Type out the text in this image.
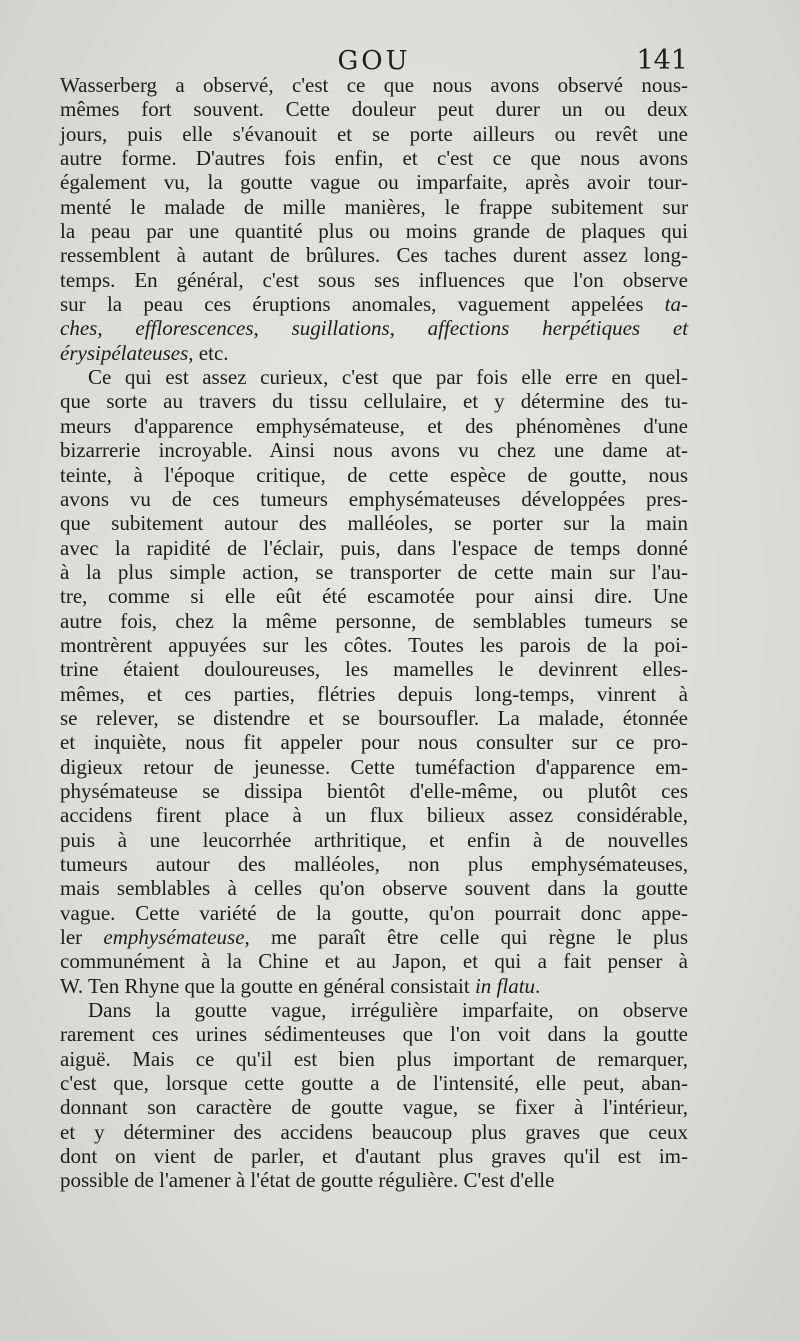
GOU	141
Wasserberg a observé, c'est ce que nous avons observé nous-
mêmes fort souvent. Cette douleur peut durer un ou deux
jours, puis elle s'évanouit et se porte ailleurs ou revêt une
autre forme. D'autres fois enfin, et c'est ce que nous avons
également vu, la goutte vague ou imparfaite, après avoir tour-
menté le malade de mille manières, le frappe subitement sur
la peau par une quantité plus ou moins grande de plaques qui
ressemblent à autant de brûlures. Ces taches durent assez long-
temps. En général, c'est sous ses influences que l'on observe
sur la peau ces éruptions anomales, vaguement appelées ta-
ches, efflorescences, sugillations, affections herpétiques et
érysipélateuses, etc.
Ce qui est assez curieux, c'est que par fois elle erre en quel-
que sorte au travers du tissu cellulaire, et y détermine des tu-
meurs d'apparence emphysémateuse, et des phénomènes d'une
bizarrerie incroyable. Ainsi nous avons vu chez une dame at-
teinte, à l'époque critique, de cette espèce de goutte, nous
avons vu de ces tumeurs emphysémateuses développées pres-
que subitement autour des malléoles, se porter sur la main
avec la rapidité de l'éclair, puis, dans l'espace de temps donné
à la plus simple action, se transporter de cette main sur l'au-
tre, comme si elle eût été escamotée pour ainsi dire. Une
autre fois, chez la même personne, de semblables tumeurs se
montrèrent appuyées sur les côtes. Toutes les parois de la poi-
trine étaient douloureuses, les mamelles le devinrent elles-
mêmes, et ces parties, flétries depuis long-temps, vinrent à
se relever, se distendre et se boursoufler. La malade, étonnée
et inquiète, nous fit appeler pour nous consulter sur ce pro-
digieux retour de jeunesse. Cette tuméfaction d'apparence em-
physémateuse se dissipa bientôt d'elle-même, ou plutôt ces
accidens firent place à un flux bilieux assez considérable,
puis à une leucorrhée arthritique, et enfin à de nouvelles
tumeurs autour des malléoles, non plus emphysémateuses,
mais semblables à celles qu'on observe souvent dans la goutte
vague. Cette variété de la goutte, qu'on pourrait donc appe-
ler emphysémateuse, me paraît être celle qui règne le plus
communément à la Chine et au Japon, et qui a fait penser à
W. Ten Rhyne que la goutte en général consistait in flatu.
Dans la goutte vague, irrégulière imparfaite, on observe
rarement ces urines sédimenteuses que l'on voit dans la goutte
aiguë. Mais ce qu'il est bien plus important de remarquer,
c'est que, lorsque cette goutte a de l'intensité, elle peut, aban-
donnant son caractère de goutte vague, se fixer à l'intérieur,
et y déterminer des accidens beaucoup plus graves que ceux
dont on vient de parler, et d'autant plus graves qu'il est im-
possible de l'amener à l'état de goutte régulière. C'est d'elle
